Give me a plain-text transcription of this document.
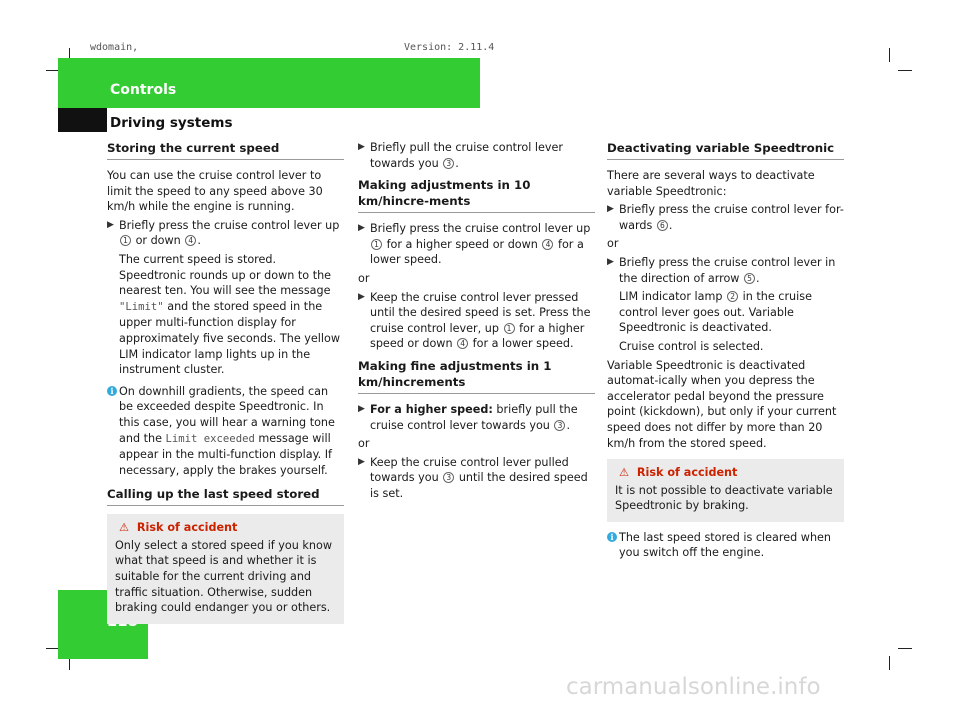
wdomain,	Version: 2.11.4
Controls
Driving systems
Storing the current speed
You can use the cruise control lever to limit the speed to any speed above 30 km/h while the engine is running.
▶ Briefly press the cruise control lever up
1 or down 4 .
The current speed is stored. Speedtronic rounds up or down to the nearest ten. You will see the message "Limit" and the stored speed in the upper multi-function display for approximately five seconds. The yellow LIM indicator lamp lights up in the instrument cluster.
i On downhill gradients, the speed can be exceeded despite Speedtronic. In this case, you will hear a warning tone and the Limit exceeded message will appear in the multi-function display. If necessary, apply the brakes yourself.
Calling up the last speed stored
⚠ Risk of accident
Only select a stored speed if you know what that speed is and whether it is suitable for the current driving and traffic situation. Otherwise, sudden braking could endanger you or others.
▶ Briefly pull the cruise control lever towards you 3 .
Making adjustments in 10 km/hincre-ments
▶ Briefly press the cruise control lever up 1 for a higher speed or down 4 for a lower speed.
or
▶ Keep the cruise control lever pressed until the desired speed is set. Press the cruise control lever, up 1 for a higher speed or down 4 for a lower speed.
Making fine adjustments in 1 km/hincrements
▶ For a higher speed: briefly pull the cruise control lever towards you 3 .
or
▶ Keep the cruise control lever pulled towards you 3 until the desired speed is set.
Deactivating variable Speedtronic
There are several ways to deactivate variable Speedtronic:
▶ Briefly press the cruise control lever for-wards 6 .
or
▶ Briefly press the cruise control lever in the direction of arrow 5 .
LIM indicator lamp 2 in the cruise control lever goes out. Variable Speedtronic is deactivated.
Cruise control is selected.
Variable Speedtronic is deactivated automat-ically when you depress the accelerator pedal beyond the pressure point (kickdown), but only if your current speed does not differ by more than 20 km/h from the stored speed.
⚠ Risk of accident
It is not possible to deactivate variable Speedtronic by braking.
i The last speed stored is cleared when you switch off the engine.
carmanualsonline.info
